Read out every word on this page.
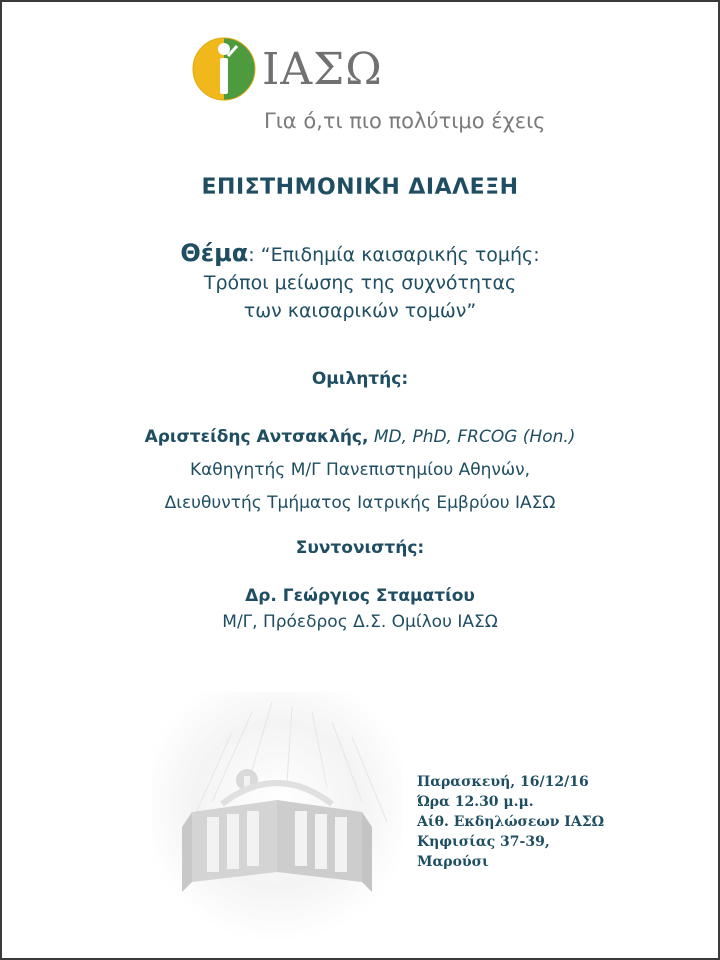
ΙΑΣΩ
Για ό,τι πιο πολύτιμο έχεις
ΕΠΙΣΤΗΜΟΝΙΚΗ ΔΙΑΛΕΞΗ
Θέμα: “Επιδημία καισαρικής τομής:
Τρόποι μείωσης της συχνότητας
των καισαρικών τομών”
Ομιλητής:
Αριστείδης Αντσακλής, MD, PhD, FRCOG (Hon.)
Καθηγητής Μ/Γ Πανεπιστημίου Αθηνών,
Διευθυντής Τμήματος Ιατρικής Εμβρύου ΙΑΣΩ
Συντονιστής:
Δρ. Γεώργιος Σταματίου
Μ/Γ, Πρόεδρος Δ.Σ. Ομίλου ΙΑΣΩ
Παρασκευή, 16/12/16
Ώρα 12.30 μ.μ.
Αίθ. Εκδηλώσεων ΙΑΣΩ
Κηφισίας 37-39,
Μαρούσι
